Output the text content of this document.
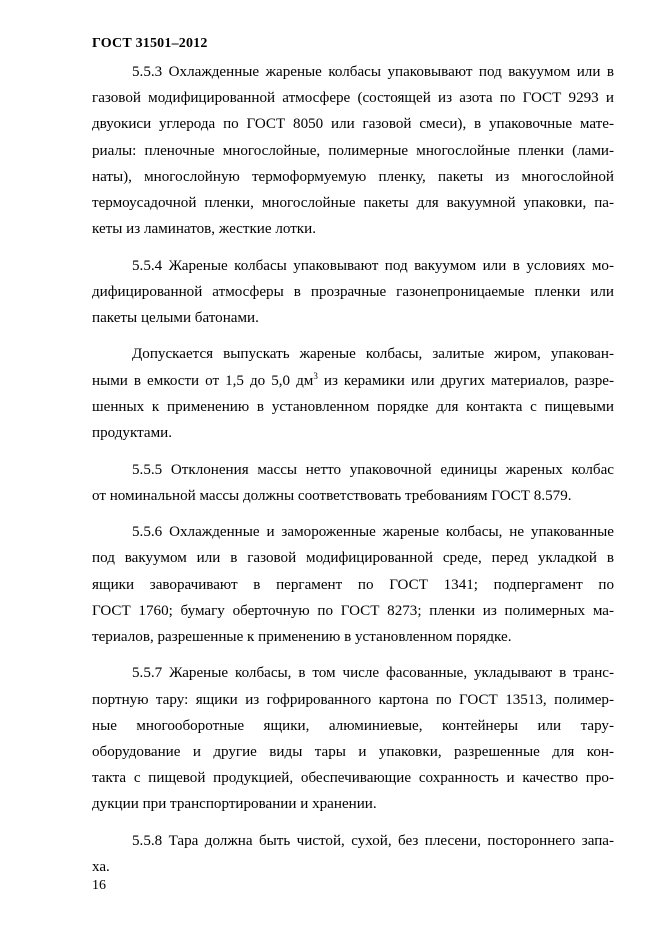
ГОСТ 31501–2012
5.5.3 Охлажденные жареные колбасы упаковывают под вакуумом или в
газовой модифицированной атмосфере (состоящей из азота по ГОСТ 9293 и
двуокиси углерода по ГОСТ 8050 или газовой смеси), в упаковочные мате-
риалы: пленочные многослойные, полимерные многослойные пленки (лами-
наты), многослойную термоформуемую пленку, пакеты из многослойной
термоусадочной пленки, многослойные пакеты для вакуумной упаковки, па-
кеты из ламинатов, жесткие лотки.
5.5.4 Жареные колбасы упаковывают под вакуумом или в условиях мо-
дифицированной атмосферы в прозрачные газонепроницаемые пленки или
пакеты целыми батонами.
Допускается выпускать жареные колбасы, залитые жиром, упакован-
ными в емкости от 1,5 до 5,0 $дм^3$ из керамики или других материалов, разре-
шенных к применению в установленном порядке для контакта с пищевыми
продуктами.
5.5.5 Отклонения массы нетто упаковочной единицы жареных колбас
от номинальной массы должны соответствовать требованиям ГОСТ 8.579.
5.5.6 Охлажденные и замороженные жареные колбасы, не упакованные
под вакуумом или в газовой модифицированной среде, перед укладкой в
ящики заворачивают в пергамент по ГОСТ 1341; подпергамент по
ГОСТ 1760; бумагу оберточную по ГОСТ 8273; пленки из полимерных ма-
териалов, разрешенные к применению в установленном порядке.
5.5.7 Жареные колбасы, в том числе фасованные, укладывают в транс-
портную тару: ящики из гофрированного картона по ГОСТ 13513, полимер-
ные многооборотные ящики, алюминиевые, контейнеры или тару-
оборудование и другие виды тары и упаковки, разрешенные для кон-
такта с пищевой продукцией, обеспечивающие сохранность и качество про-
дукции при транспортировании и хранении.
5.5.8 Тара должна быть чистой, сухой, без плесени, постороннего запа-
ха.
16
